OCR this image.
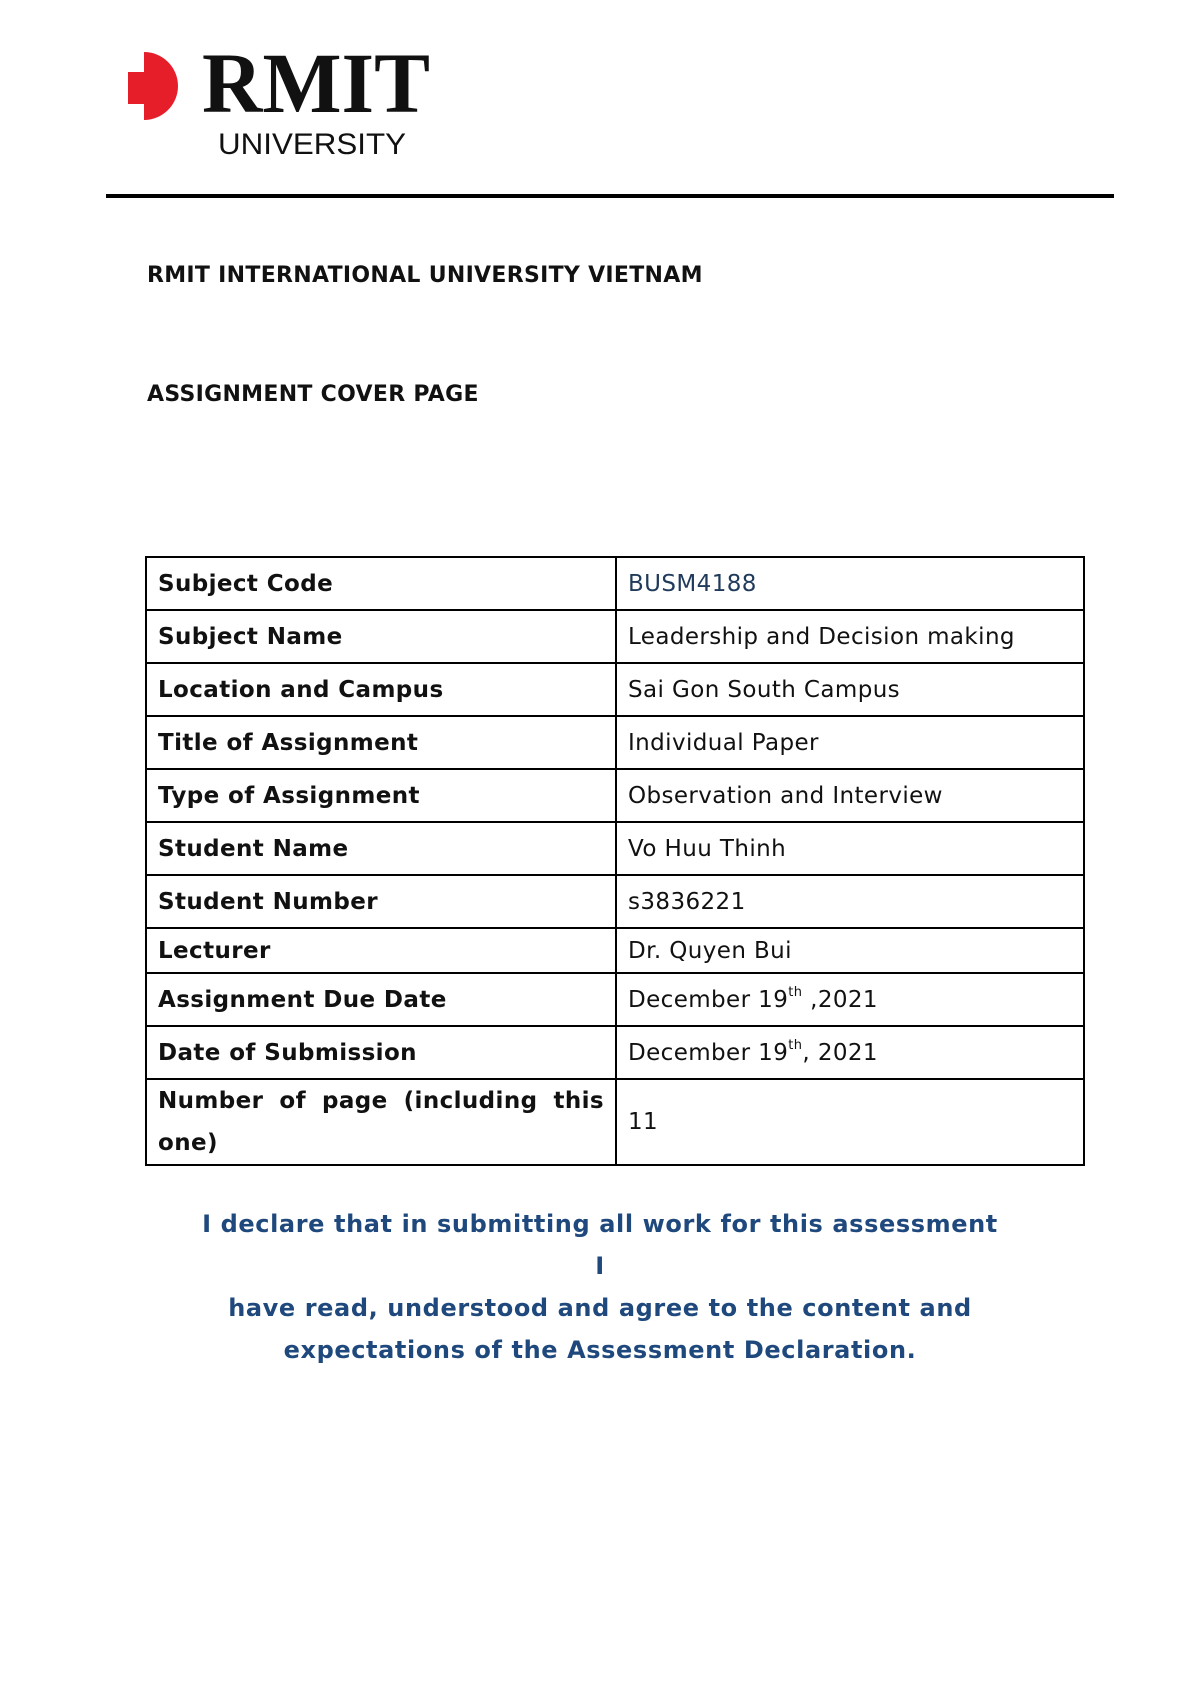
RMIT
UNIVERSITY
RMIT INTERNATIONAL UNIVERSITY VIETNAM
ASSIGNMENT COVER PAGE
Subject Code	BUSM4188
Subject Name	Leadership and Decision making
Location and Campus	Sai Gon South Campus
Title of Assignment	Individual Paper
Type of Assignment	Observation and Interview
Student Name	Vo Huu Thinh
Student Number	s3836221
Lecturer	Dr. Quyen Bui
Assignment Due Date	December 19th ,2021
Date of Submission	December 19th, 2021
Number of page (including this one)	11

I declare that in submitting all work for this assessment I
have read, understood and agree to the content and
expectations of the Assessment Declaration.
